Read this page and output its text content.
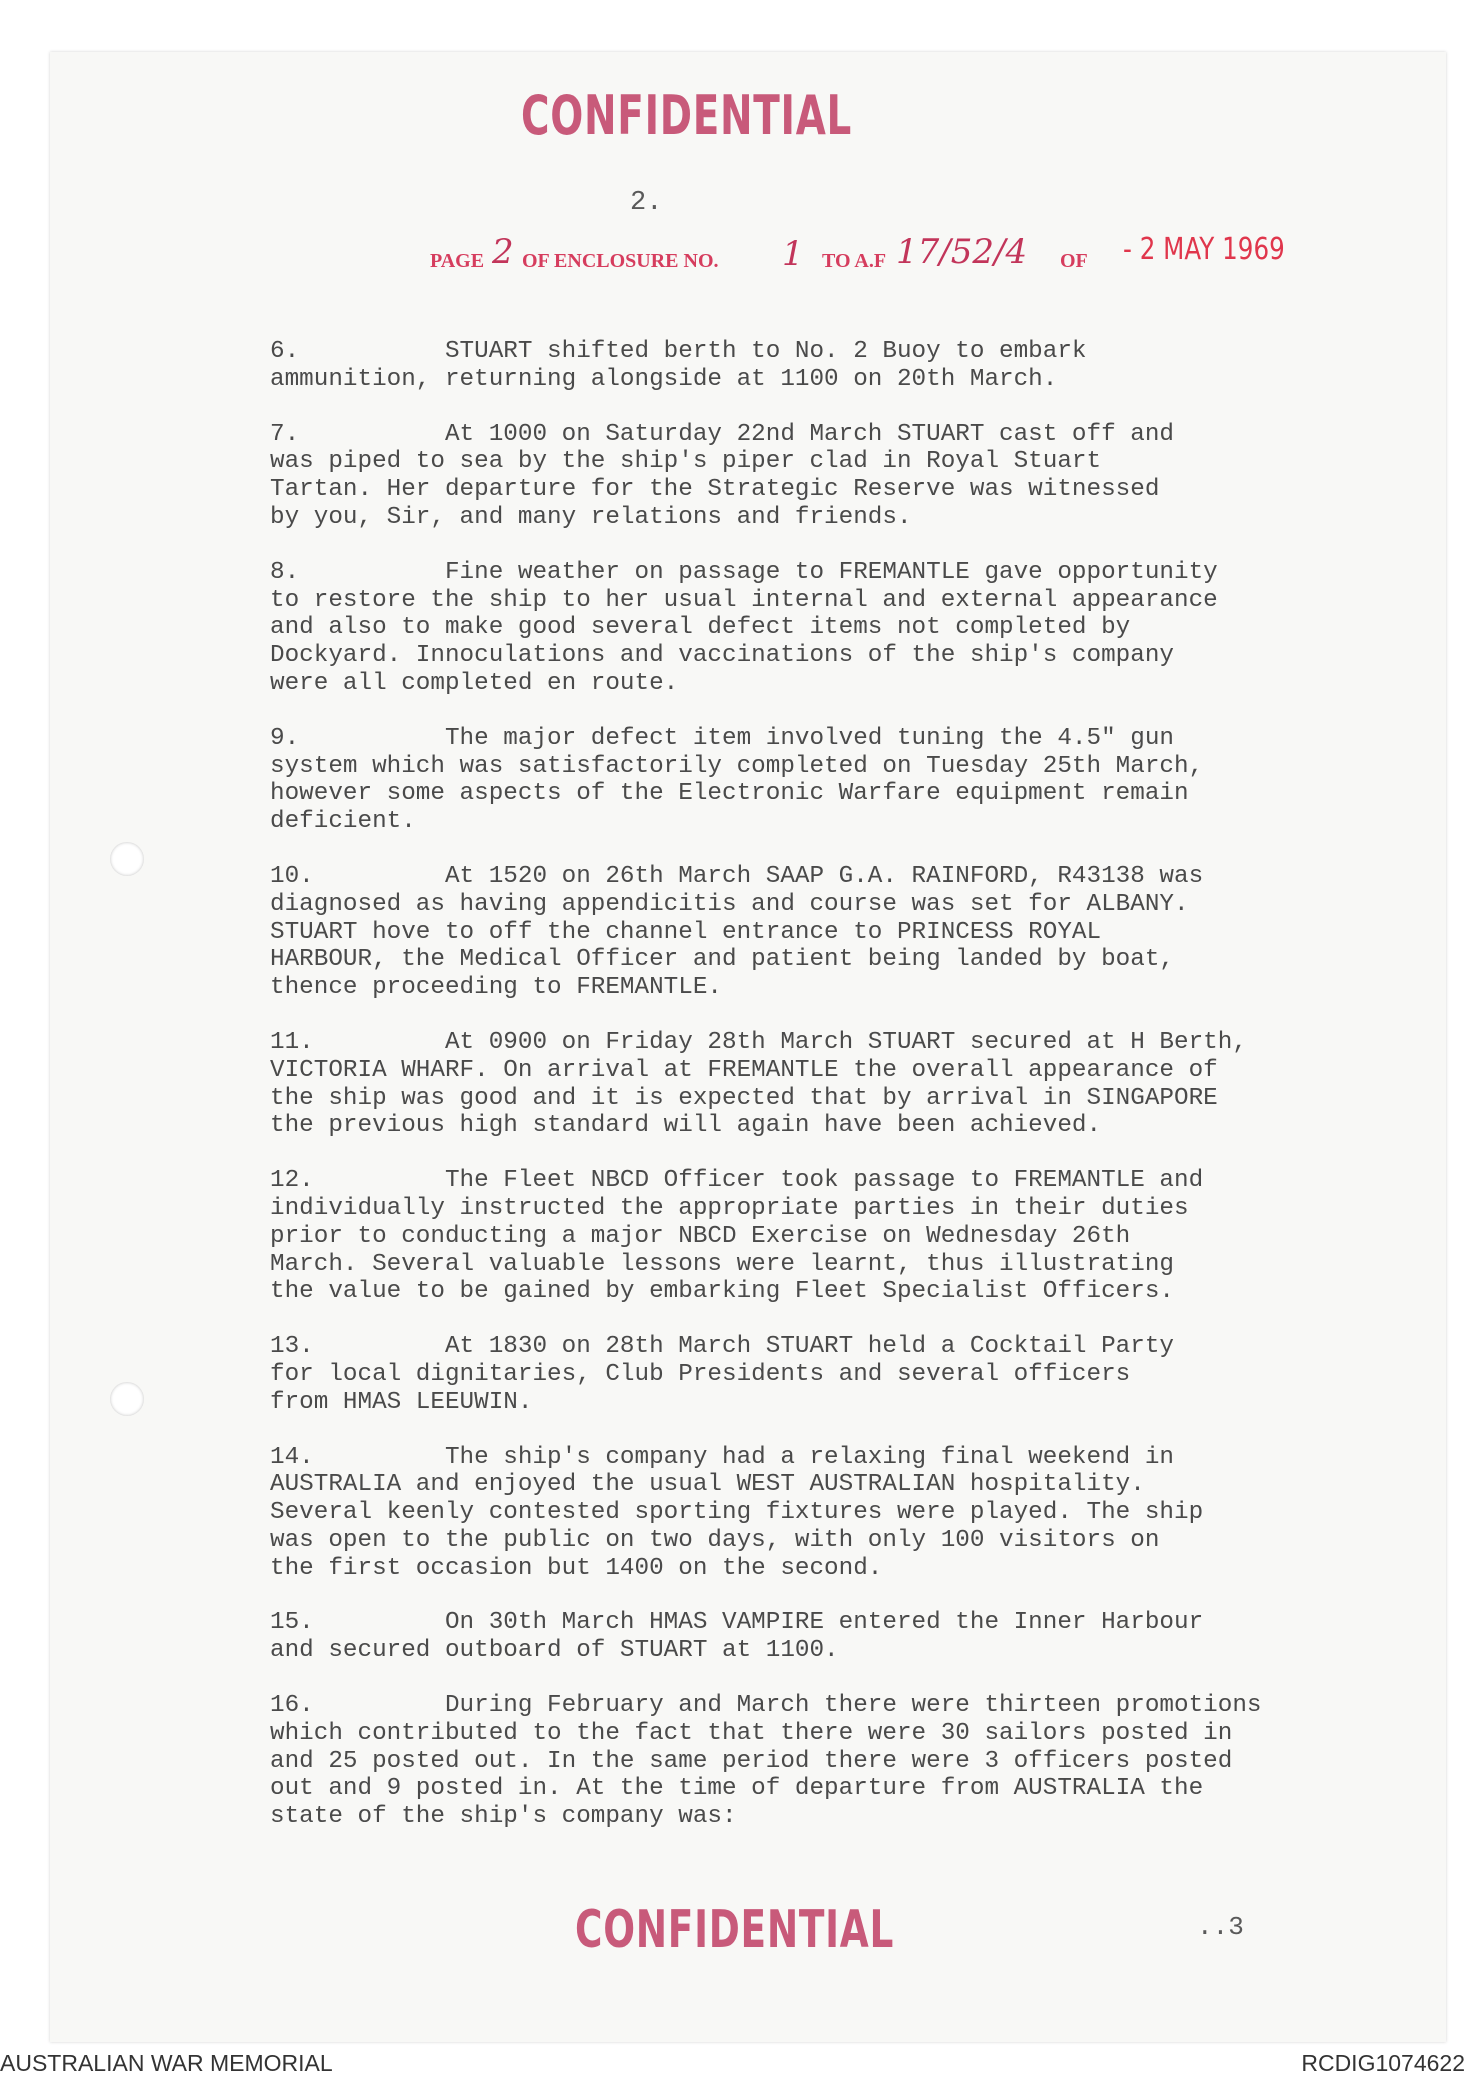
CONFIDENTIAL
2.
PAGE 2 OF ENCLOSURE NO. 1 TO A.F 17/52/4 OF - 2 MAY 1969

6.          STUART shifted berth to No. 2 Buoy to embark
ammunition, returning alongside at 1100 on 20th March.

7.          At 1000 on Saturday 22nd March STUART cast off and
was piped to sea by the ship's piper clad in Royal Stuart
Tartan. Her departure for the Strategic Reserve was witnessed
by you, Sir, and many relations and friends.

8.          Fine weather on passage to FREMANTLE gave opportunity
to restore the ship to her usual internal and external appearance
and also to make good several defect items not completed by
Dockyard. Innoculations and vaccinations of the ship's company
were all completed en route.

9.          The major defect item involved tuning the 4.5" gun
system which was satisfactorily completed on Tuesday 25th March,
however some aspects of the Electronic Warfare equipment remain
deficient.

10.         At 1520 on 26th March SAAP G.A. RAINFORD, R43138 was
diagnosed as having appendicitis and course was set for ALBANY.
STUART hove to off the channel entrance to PRINCESS ROYAL
HARBOUR, the Medical Officer and patient being landed by boat,
thence proceeding to FREMANTLE.

11.         At 0900 on Friday 28th March STUART secured at H Berth,
VICTORIA WHARF. On arrival at FREMANTLE the overall appearance of
the ship was good and it is expected that by arrival in SINGAPORE
the previous high standard will again have been achieved.

12.         The Fleet NBCD Officer took passage to FREMANTLE and
individually instructed the appropriate parties in their duties
prior to conducting a major NBCD Exercise on Wednesday 26th
March. Several valuable lessons were learnt, thus illustrating
the value to be gained by embarking Fleet Specialist Officers.

13.         At 1830 on 28th March STUART held a Cocktail Party
for local dignitaries, Club Presidents and several officers
from HMAS LEEUWIN.

14.         The ship's company had a relaxing final weekend in
AUSTRALIA and enjoyed the usual WEST AUSTRALIAN hospitality.
Several keenly contested sporting fixtures were played. The ship
was open to the public on two days, with only 100 visitors on
the first occasion but 1400 on the second.

15.         On 30th March HMAS VAMPIRE entered the Inner Harbour
and secured outboard of STUART at 1100.

16.         During February and March there were thirteen promotions
which contributed to the fact that there were 30 sailors posted in
and 25 posted out. In the same period there were 3 officers posted
out and 9 posted in. At the time of departure from AUSTRALIA the
state of the ship's company was:

CONFIDENTIAL	..3
AUSTRALIAN WAR MEMORIAL	RCDIG1074622
